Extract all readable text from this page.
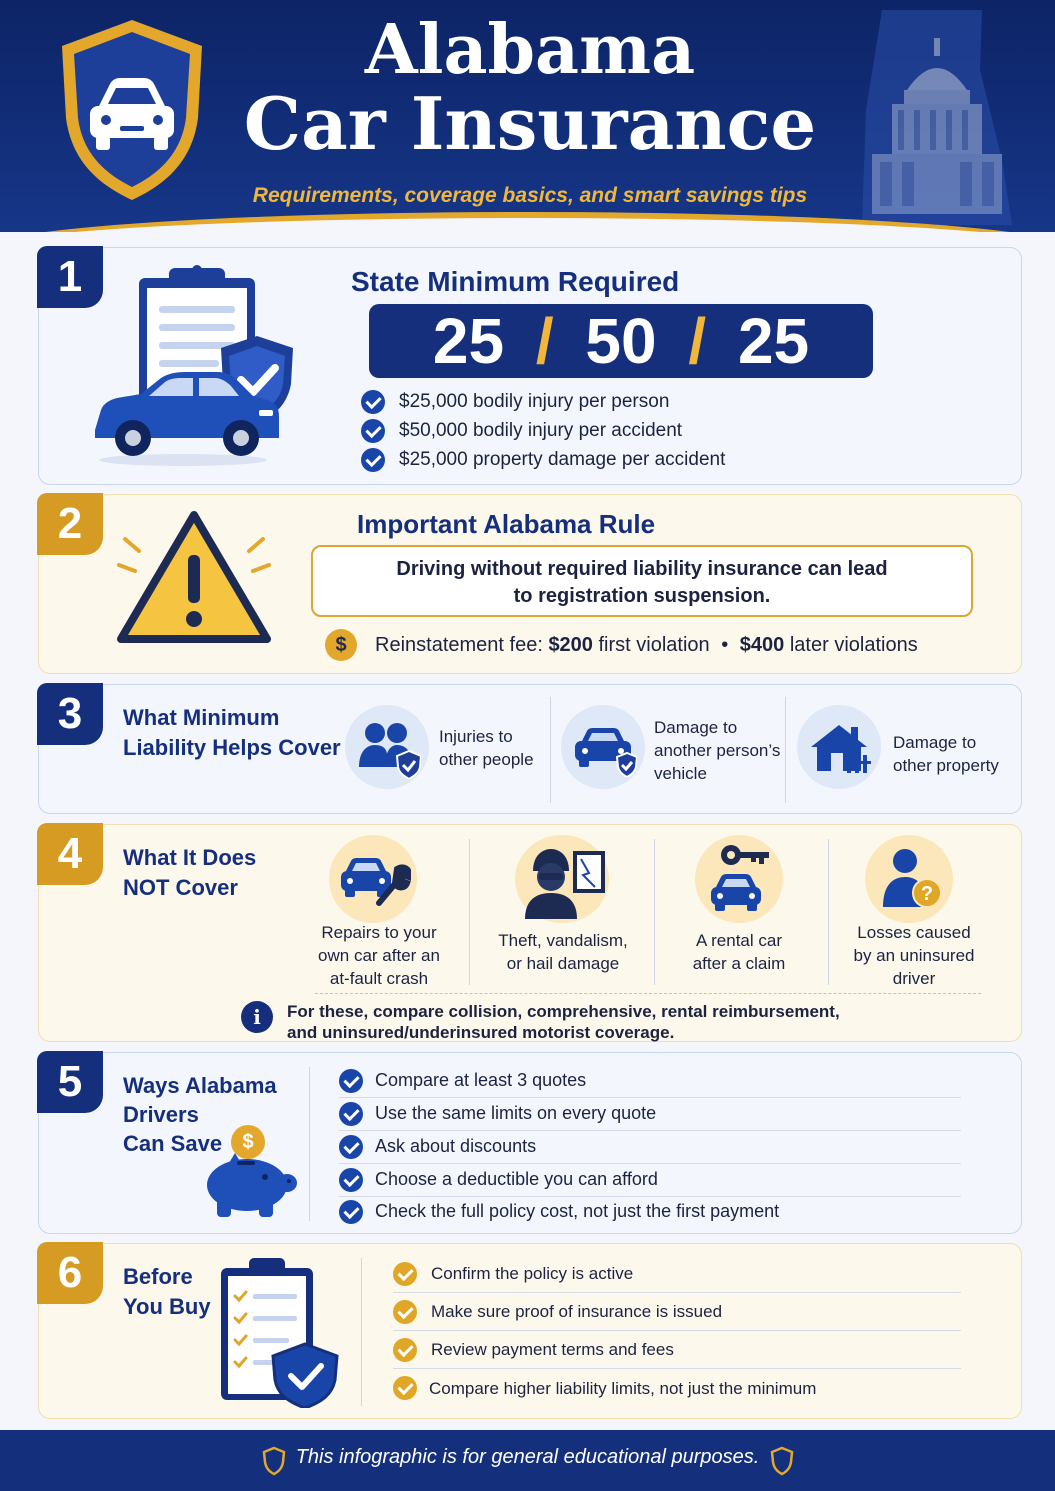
Alabama
Car Insurance
Requirements, coverage basics, and smart savings tips
1	State Minimum Required
25 / 50 / 25
$25,000 bodily injury per person
$50,000 bodily injury per accident
$25,000 property damage per accident
2	Important Alabama Rule
Driving without required liability insurance can lead
to registration suspension.
$	Reinstatement fee: $200 first violation • $400 later violations
3	What Minimum
Liability Helps Cover	Injuries to
other people
Damage to
another person’s
vehicle
Damage to
other property
4	What It Does
NOT Cover
Repairs to your
own car after an
at-fault crash
Theft, vandalism,
or hail damage
A rental car
after a claim
?
Losses caused
by an uninsured
driver
i	For these, compare collision, comprehensive, rental reimbursement,
and uninsured/underinsured motorist coverage.
5	Ways Alabama
Drivers
Can Save	$
Compare at least 3 quotes
Use the same limits on every quote
Ask about discounts
Choose a deductible you can afford
Check the full policy cost, not just the first payment
6	Before
You Buy
Confirm the policy is active
Make sure proof of insurance is issued
Review payment terms and fees
Compare higher liability limits, not just the minimum
This infographic is for general educational purposes.
